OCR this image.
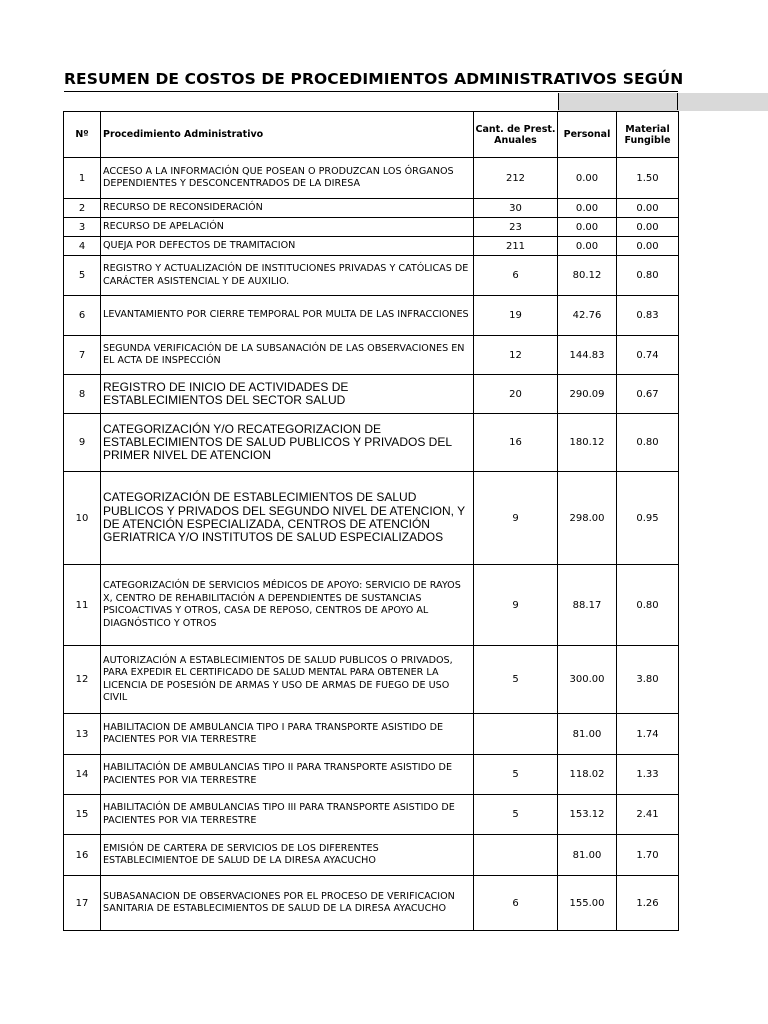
RESUMEN DE COSTOS DE PROCEDIMIENTOS ADMINISTRATIVOS SEGÚN
Nº	Procedimiento Administrativo	Cant. de Prest. Anuales	Personal	Material Fungible
1	ACCESO A LA INFORMACIÓN QUE POSEAN O PRODUZCAN LOS ÓRGANOS DEPENDIENTES Y DESCONCENTRADOS DE LA DIRESA	212	0.00	1.50
2	RECURSO DE RECONSIDERACIÓN	30	0.00	0.00
3	RECURSO DE APELACIÓN	23	0.00	0.00
4	QUEJA POR DEFECTOS DE TRAMITACION	211	0.00	0.00
5	REGISTRO Y ACTUALIZACIÓN DE INSTITUCIONES PRIVADAS Y CATÓLICAS DE CARÁCTER ASISTENCIAL Y DE AUXILIO.	6	80.12	0.80
6	LEVANTAMIENTO POR CIERRE TEMPORAL POR MULTA DE LAS INFRACCIONES	19	42.76	0.83
7	SEGUNDA VERIFICACIÓN DE LA SUBSANACIÓN DE LAS OBSERVACIONES EN EL ACTA DE INSPECCIÓN	12	144.83	0.74
8	REGISTRO DE INICIO DE ACTIVIDADES DE ESTABLECIMIENTOS DEL SECTOR SALUD	20	290.09	0.67
9	CATEGORIZACIÓN Y/O RECATEGORIZACION DE ESTABLECIMIENTOS DE SALUD PUBLICOS Y PRIVADOS DEL PRIMER NIVEL DE ATENCION	16	180.12	0.80
10	CATEGORIZACIÓN DE ESTABLECIMIENTOS DE SALUD PUBLICOS Y PRIVADOS DEL SEGUNDO NIVEL DE ATENCION, Y DE ATENCIÓN ESPECIALIZADA, CENTROS DE ATENCIÓN GERIATRICA Y/O INSTITUTOS DE SALUD ESPECIALIZADOS	9	298.00	0.95
11	CATEGORIZACIÓN DE SERVICIOS MÉDICOS DE APOYO: SERVICIO DE RAYOS X, CENTRO DE REHABILITACIÓN A DEPENDIENTES DE SUSTANCIAS PSICOACTIVAS Y OTROS, CASA DE REPOSO, CENTROS DE APOYO AL DIAGNÓSTICO Y OTROS	9	88.17	0.80
12	AUTORIZACIÓN A ESTABLECIMIENTOS DE SALUD PUBLICOS O PRIVADOS, PARA EXPEDIR EL CERTIFICADO DE SALUD MENTAL PARA OBTENER LA LICENCIA DE POSESIÓN DE ARMAS Y USO DE ARMAS DE FUEGO DE USO CIVIL	5	300.00	3.80
13	HABILITACION DE AMBULANCIA TIPO I PARA TRANSPORTE ASISTIDO DE PACIENTES POR VIA TERRESTRE		81.00	1.74
14	HABILITACIÓN DE AMBULANCIAS TIPO II PARA TRANSPORTE ASISTIDO DE PACIENTES POR VIA TERRESTRE	5	118.02	1.33
15	HABILITACIÓN DE AMBULANCIAS TIPO III PARA TRANSPORTE ASISTIDO DE PACIENTES POR VIA TERRESTRE	5	153.12	2.41
16	EMISIÓN DE CARTERA DE SERVICIOS DE LOS DIFERENTES ESTABLECIMIENTOE DE SALUD DE LA DIRESA AYACUCHO		81.00	1.70
17	SUBASANACION DE OBSERVACIONES POR EL PROCESO DE VERIFICACION SANITARIA DE ESTABLECIMIENTOS DE SALUD DE LA DIRESA AYACUCHO	6	155.00	1.26
